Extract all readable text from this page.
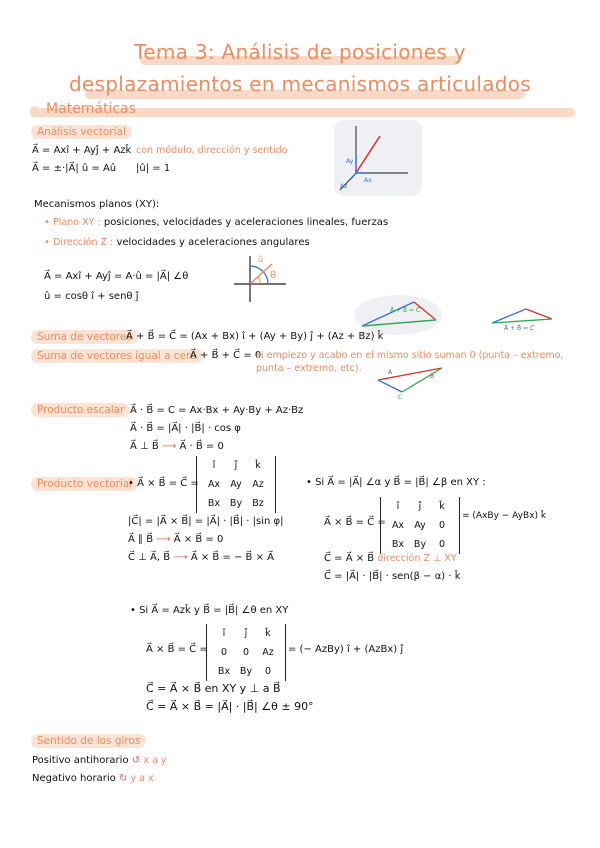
Tema 3: Análisis de posiciones y
desplazamientos en mecanismos articulados
Matemáticas
Análisis vectorial
A⃗ = Axî + Ayĵ + Azk̂ con módulo, dirección y sentido
A⃗ = ±·|A⃗| û = Aû |û| = 1
Ax
Ay
Az
Mecanismos planos (XY):
• Plano XY : posiciones, velocidades y aceleraciones lineales, fuerzas
• Dirección Z : velocidades y aceleraciones angulares
A⃗ = Axî + Ayĵ = A·û = |A⃗| ∠θ
û = cosθ î + senθ ĵ
û
θ
A⃗ + B⃗ = C⃗
A⃗ + B⃗ = C⃗
A
B
C
Suma de vectores
A⃗ + B⃗ = C⃗ = (Ax + Bx) î + (Ay + By) ĵ + (Az + Bz) k̂
Suma de vectores igual a cero
A⃗ + B⃗ + C⃗ = 0
si empiezo y acabo en el mismo sitio suman 0 (punta – extremo, punta – extremo, etc).
Producto escalar A⃗ · B⃗ = C = Ax·Bx + Ay·By + Az·Bz
A⃗ · B⃗ = |A⃗| · |B⃗| · cos φ
A⃗ ⊥ B⃗ ⟶ A⃗ · B⃗ = 0
Producto vectorial
• A⃗ × B⃗ = C⃗ =
î	ĵ	k̂
Ax	Ay	Az
Bx	By	Bz
|C⃗| = |A⃗ × B⃗| = |A⃗| · |B⃗| · |sin φ|
A⃗ ∥ B⃗ ⟶ A⃗ × B⃗ = 0
C⃗ ⊥ A⃗, B⃗ ⟶ A⃗ × B⃗ = − B⃗ × A⃗
• Si A⃗ = |A⃗| ∠α y B⃗ = |B⃗| ∠β en XY :
A⃗ × B⃗ = C⃗ =
î	ĵ	k̂
Ax	Ay	0
Bx	By	0
= (AxBy − AyBx) k̂
C⃗ = A⃗ × B⃗ dirección Z ⊥ XY
C⃗ = |A⃗| · |B⃗| · sen(β − α) · k̂
• Si A⃗ = Azk̂ y B⃗ = |B⃗| ∠θ en XY
A⃗ × B⃗ = C⃗ =
î	ĵ	k̂
0	0	Az
Bx	By	0
= (− AzBy) î + (AzBx) ĵ
C⃗ = A⃗ × B⃗ en XY y ⊥ a B⃗
C⃗ = A⃗ × B⃗ = |A⃗| · |B⃗| ∠θ ± 90°
Sentido de los giros
Positivo antihorario ↺ x a y
Negativo horario ↻ y a x
